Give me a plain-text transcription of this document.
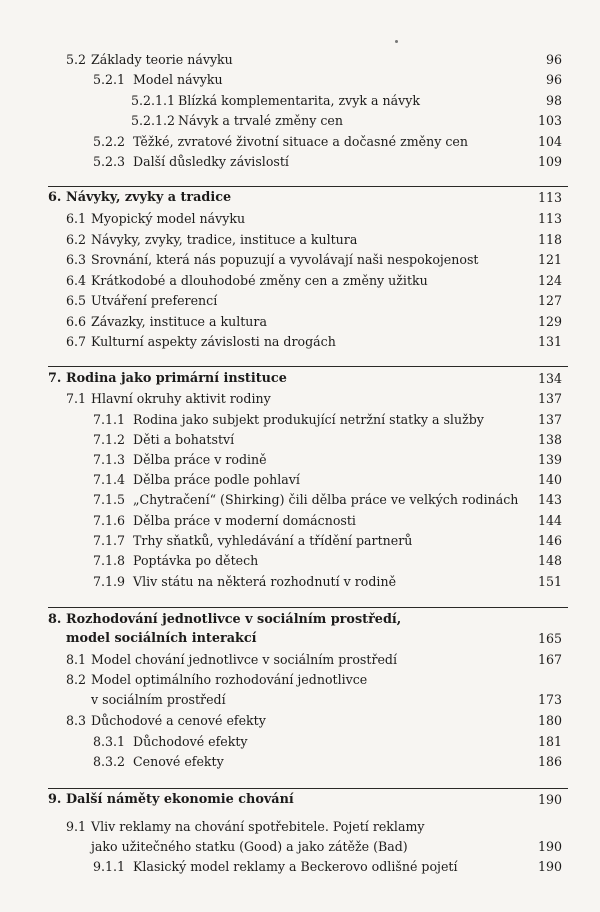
5.2 Základy teorie návyku	96
5.2.1 Model návyku	96
5.2.1.1 Blízká komplementarita, zvyk a návyk	98
5.2.1.2 Návyk a trvalé změny cen	103
5.2.2 Těžké, zvratové životní situace a dočasné změny cen	104
5.2.3 Další důsledky závislostí	109
6. Návyky, zvyky a tradice	113
6.1 Myopický model návyku	113
6.2 Návyky, zvyky, tradice, instituce a kultura	118
6.3 Srovnání, která nás popuzují a vyvolávají naši nespokojenost	121
6.4 Krátkodobé a dlouhodobé změny cen a změny užitku	124
6.5 Utváření preferencí	127
6.6 Závazky, instituce a kultura	129
6.7 Kulturní aspekty závislosti na drogách	131
7. Rodina jako primární instituce	134
7.1 Hlavní okruhy aktivit rodiny	137
7.1.1 Rodina jako subjekt produkující netržní statky a služby	137
7.1.2 Děti a bohatství	138
7.1.3 Dělba práce v rodině	139
7.1.4 Dělba práce podle pohlaví	140
7.1.5 „Chytračení“ (Shirking) čili dělba práce ve velkých rodinách	143
7.1.6 Dělba práce v moderní domácnosti	144
7.1.7 Trhy sňatků, vyhledávání a třídění partnerů	146
7.1.8 Poptávka po dětech	148
7.1.9 Vliv státu na některá rozhodnutí v rodině	151
8. Rozhodování jednotlivce v sociálním prostředí,
model sociálních interakcí	165
8.1 Model chování jednotlivce v sociálním prostředí	167
8.2 Model optimálního rozhodování jednotlivce
v sociálním prostředí	173
8.3 Důchodové a cenové efekty	180
8.3.1 Důchodové efekty	181
8.3.2 Cenové efekty	186
9. Další náměty ekonomie chování	190
9.1 Vliv reklamy na chování spotřebitele. Pojetí reklamy
jako užitečného statku (Good) a jako zátěže (Bad)	190
9.1.1 Klasický model reklamy a Beckerovo odlišné pojetí	190
